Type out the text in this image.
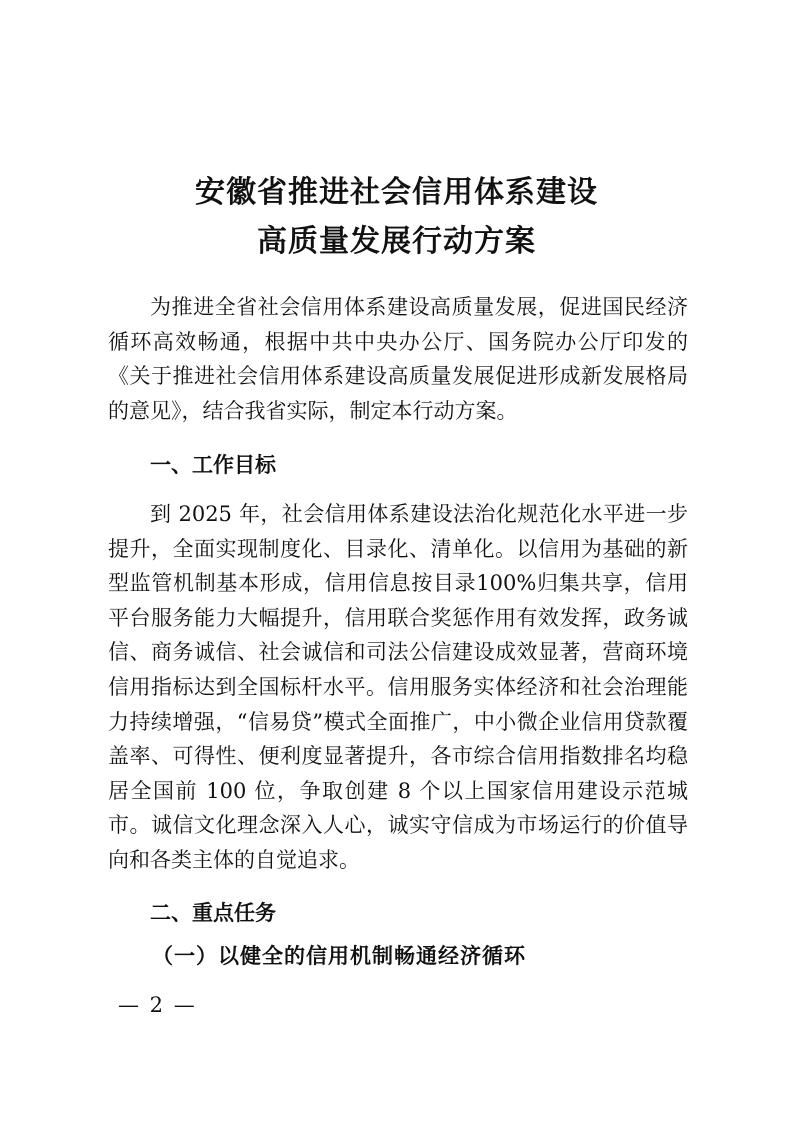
安徽省推进社会信用体系建设
高质量发展行动方案

为推进全省社会信用体系建设高质量发展，促进国民经济循环高效畅通，根据中共中央办公厅、国务院办公厅印发的《关于推进社会信用体系建设高质量发展促进形成新发展格局的意见》，结合我省实际，制定本行动方案。

一、工作目标

到 2025 年，社会信用体系建设法治化规范化水平进一步提升，全面实现制度化、目录化、清单化。以信用为基础的新型监管机制基本形成，信用信息按目录100%归集共享，信用平台服务能力大幅提升，信用联合奖惩作用有效发挥，政务诚信、商务诚信、社会诚信和司法公信建设成效显著，营商环境信用指标达到全国标杆水平。信用服务实体经济和社会治理能力持续增强，“信易贷”模式全面推广，中小微企业信用贷款覆盖率、可得性、便利度显著提升，各市综合信用指数排名均稳居全国前 100 位，争取创建 8 个以上国家信用建设示范城市。诚信文化理念深入人心，诚实守信成为市场运行的价值导向和各类主体的自觉追求。

二、重点任务
（一）以健全的信用机制畅通经济循环
— 2 —
